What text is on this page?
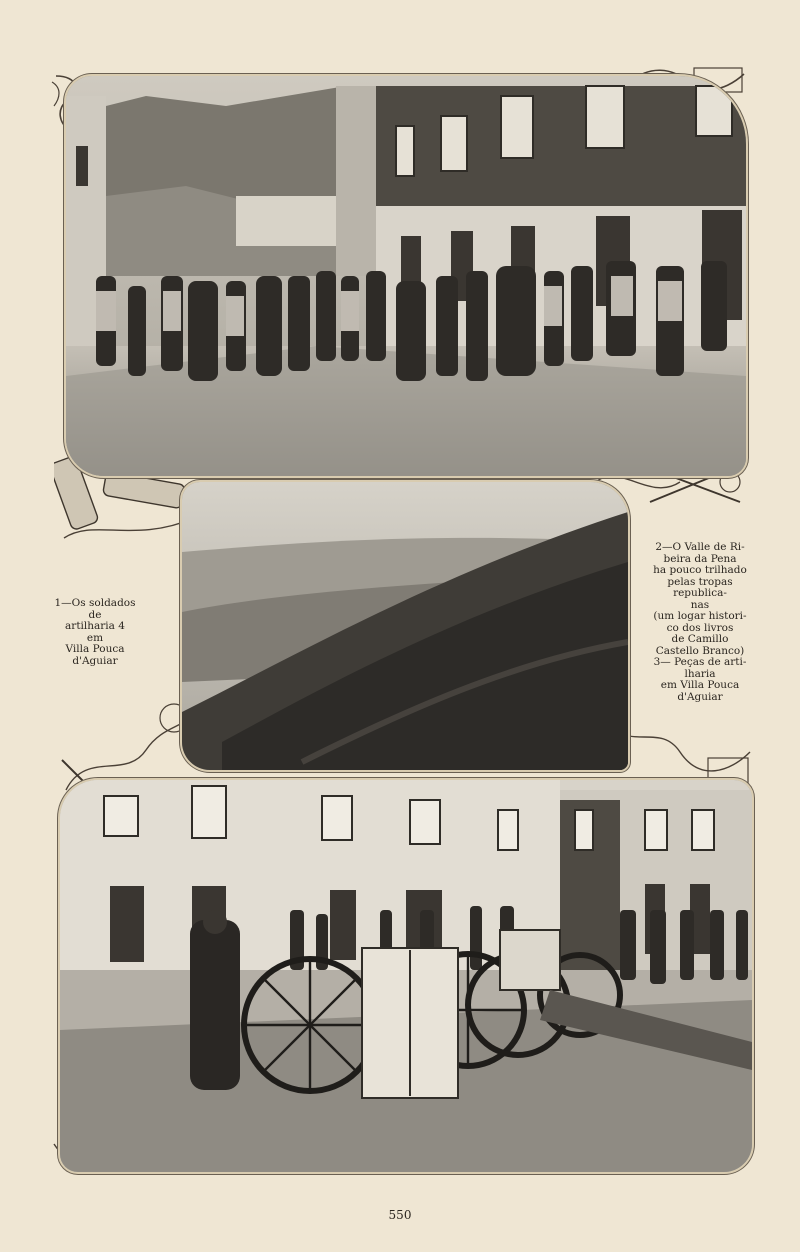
1—Os soldados
de
artilharia 4
em
Villa Pouca
d'Aguiar

2—O Valle de Ri-
beira da Pena
ha pouco trilhado
pelas tropas
republica-
nas
(um logar histori-
co dos livros
de Camillo
Castello Branco)
3— Peças de arti-
lharia
em Villa Pouca
d'Aguiar

550
